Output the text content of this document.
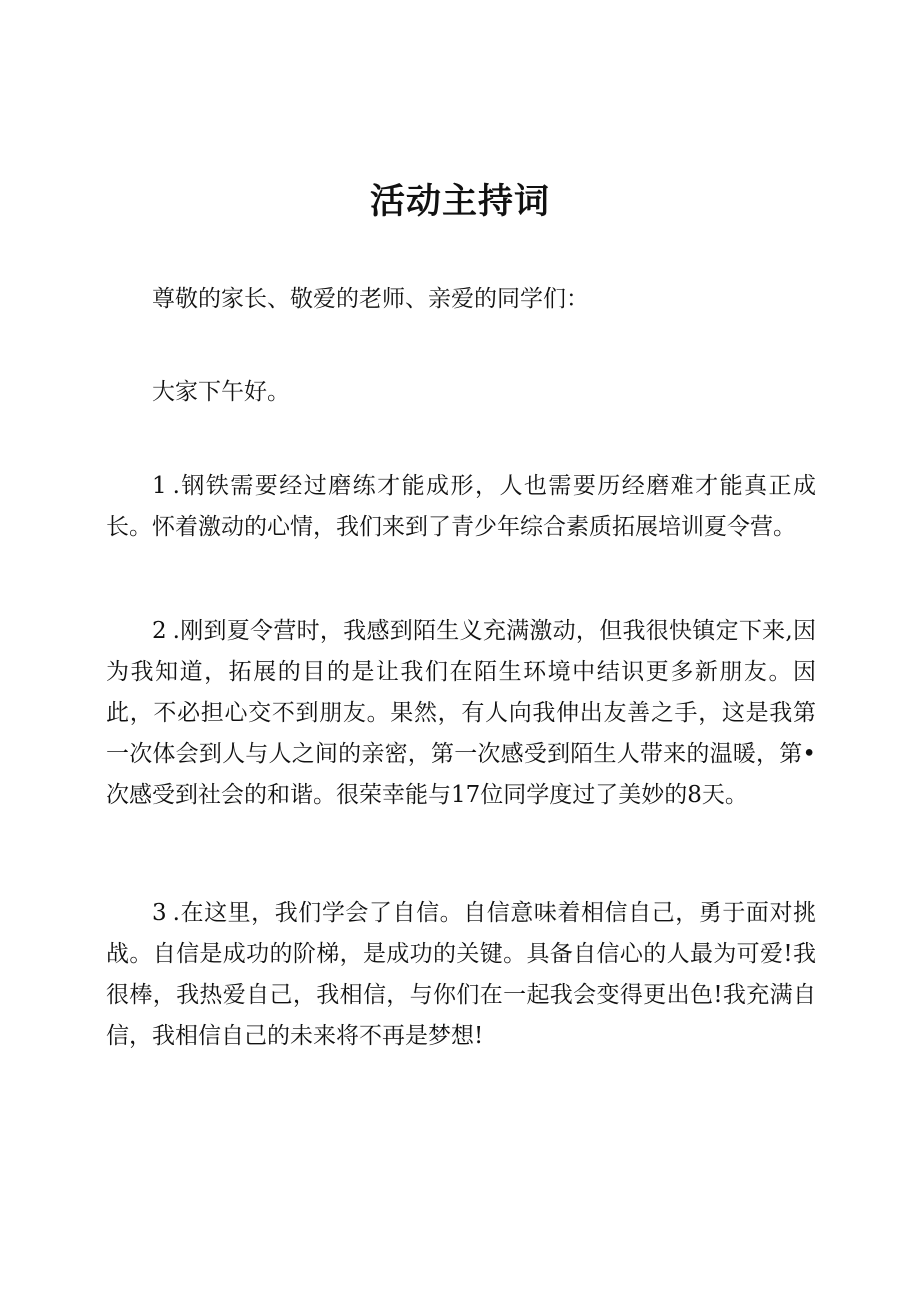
活动主持词

尊敬的家长、敬爱的老师、亲爱的同学们：

大家下午好。

1 .钢铁需要经过磨练才能成形，人也需要历经磨难才能真正成长。怀着激动的心情，我们来到了青少年综合素质拓展培训夏令营。

2 .刚到夏令营时，我感到陌生义充满激动，但我很快镇定下来,因为我知道，拓展的目的是让我们在陌生环境中结识更多新朋友。因此，不必担心交不到朋友。果然，有人向我伸出友善之手，这是我第一次体会到人与人之间的亲密，第一次感受到陌生人带来的温暖，第•次感受到社会的和谐。很荣幸能与17位同学度过了美妙的8天。

3 .在这里，我们学会了自信。自信意味着相信自己，勇于面对挑战。自信是成功的阶梯，是成功的关键。具备自信心的人最为可爱!我很棒，我热爱自己，我相信，与你们在一起我会变得更出色!我充满自信，我相信自己的未来将不再是梦想!
